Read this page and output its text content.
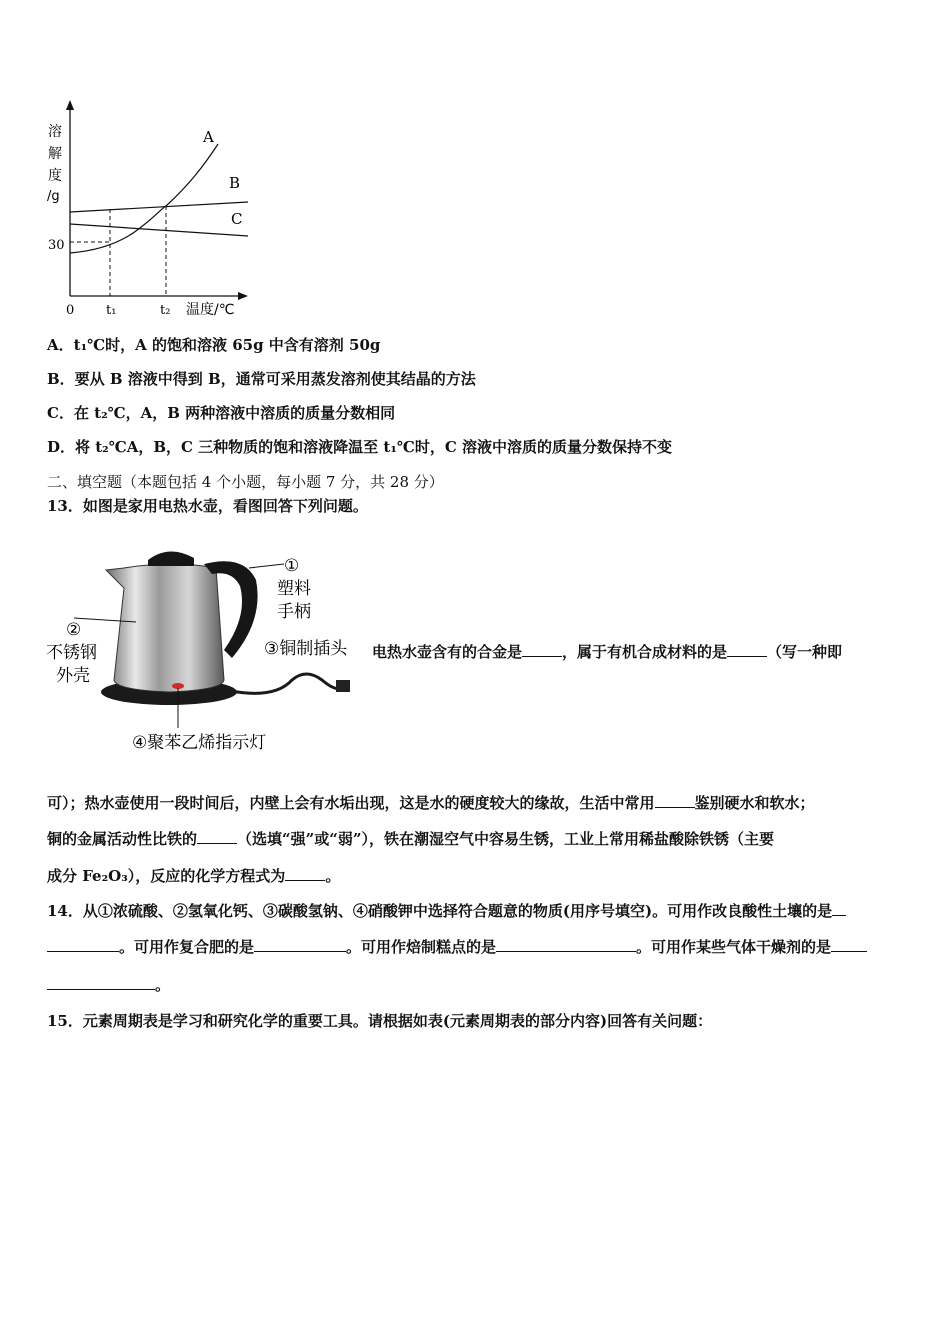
溶
解
度
/g
30
0 t₁	t₂ 温度/℃
A
B
C
A．t₁℃时，A 的饱和溶液 65g 中含有溶剂 50g
B．要从 B 溶液中得到 B，通常可采用蒸发溶剂使其结晶的方法
C．在 t₂℃，A，B 两种溶液中溶质的质量分数相同
D．将 t₂℃A，B，C 三种物质的饱和溶液降温至 t₁℃时，C 溶液中溶质的质量分数保持不变
二、填空题（本题包括 4 个小题，每小题 7 分，共 28 分）
13．如图是家用电热水壶，看图回答下列问题。
①
塑料
手柄
②
不锈钢
外壳
③铜制插头
④聚苯乙烯指示灯
电热水壶含有的合金是	，属于有机合成材料的是	（写一种即
可）；热水壶使用一段时间后，内壁上会有水垢出现，这是水的硬度较大的缘故，生活中常用	鉴别硬水和软水；
铜的金属活动性比铁的	（选填“强”或“弱”），铁在潮湿空气中容易生锈，工业上常用稀盐酸除铁锈（主要
成分 Fe₂O₃），反应的化学方程式为	。
14．从①浓硫酸、②氢氧化钙、③碳酸氢钠、④硝酸钾中选择符合题意的物质(用序号填空)。可用作改良酸性土壤的是
。可用作复合肥的是	。可用作焙制糕点的是	。可用作某些气体干燥剂的是
。
15．元素周期表是学习和研究化学的重要工具。请根据如表(元素周期表的部分内容)回答有关问题：
